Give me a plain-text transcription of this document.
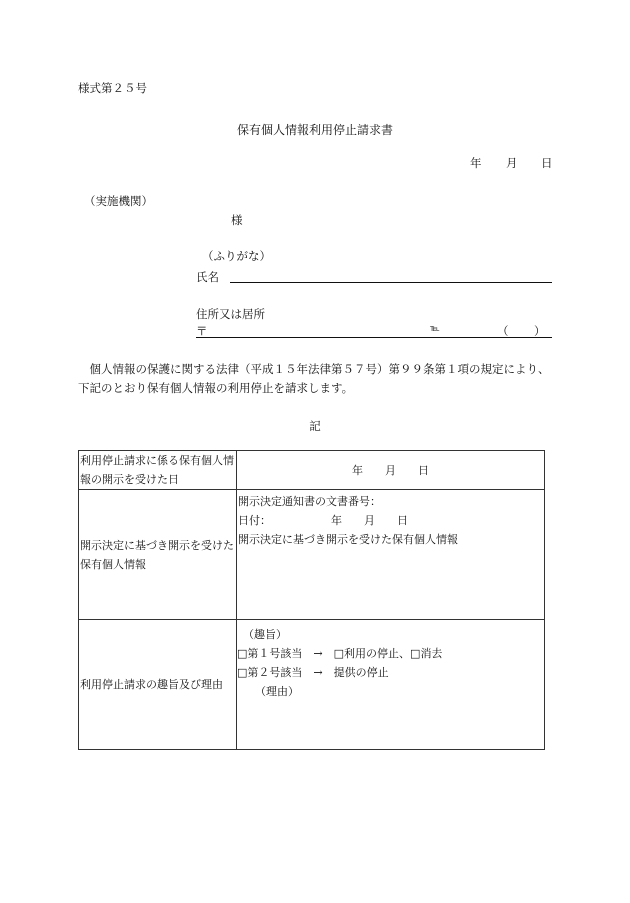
様式第２５号
保有個人情報利用停止請求書
年 月 日
（実施機関）
様
（ふりがな）
氏名
住所又は居所
〒	℡	（ ）
　個人情報の保護に関する法律（平成１５年法律第５７号）第９９条第１項の規定により、下記のとおり保有個人情報の利用停止を請求します。
記
利用停止請求に係る保有個人情報の開示を受けた日	年 月 日

開示決定に基づき開示を受けた保有個人情報	開示決定通知書の文書番号：
日付： 年 月 日
開示決定に基づき開示を受けた保有個人情報

利用停止請求の趣旨及び理由	（趣旨）
□第１号該当　 →　 □利用の停止、□消去
□第２号該当　 →　 提供の停止
（理由）
